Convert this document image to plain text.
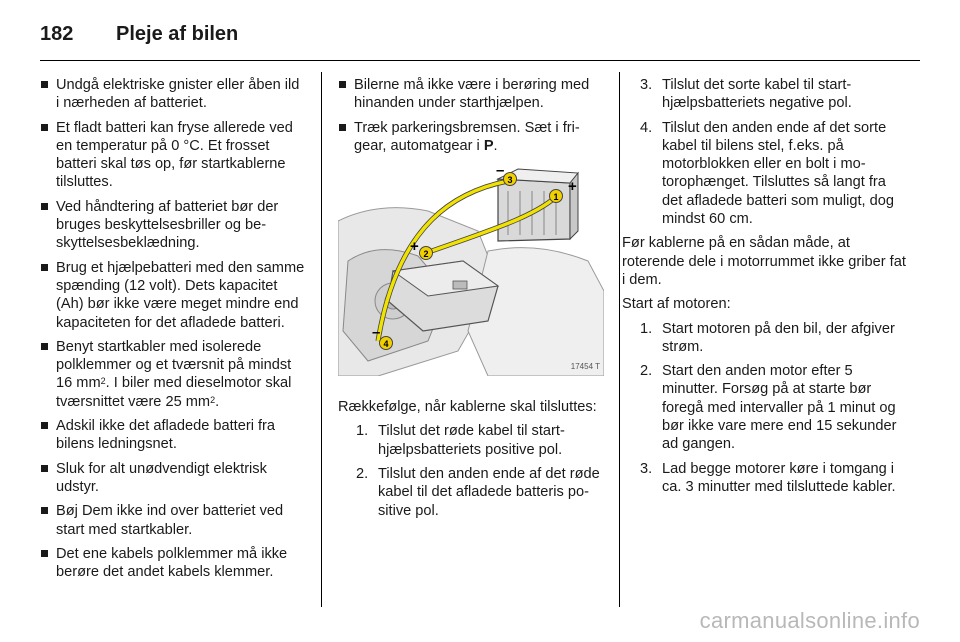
182	Pleje af bilen
Undgå elektriske gnister eller åben ild i nærheden af batteriet.
Et fladt batteri kan fryse allerede ved en temperatur på 0 °C. Et frosset batteri skal tøs op, før startkablerne tilsluttes.
Ved håndtering af batteriet bør der bruges beskyttelsesbriller og beskyttelsesbeklædning.
Brug et hjælpebatteri med den samme spænding (12 volt). Dets kapacitet (Ah) bør ikke være meget mindre end kapaciteten for det afladede batteri.
Benyt startkabler med isolerede polklemmer og et tværsnit på mindst 16 $mm^2$. I biler med dieselmotor skal tværsnittet være 25 $mm^2$.
Adskil ikke det afladede batteri fra bilens ledningsnet.
Sluk for alt unødvendigt elektrisk udstyr.
Bøj Dem ikke ind over batteriet ved start med startkabler.
Det ene kabels polklemmer må ikke berøre det andet kabels klemmer.
Bilerne må ikke være i berøring med hinanden under starthjælpen.
Træk parkeringsbremsen. Sæt i frigear, automatgear i P.
1
2
3
4
+
+
–
–
17454 T

Rækkefølge, når kablerne skal tilsluttes:

1. Tilslut det røde kabel til starthjælpsbatteriets positive pol.
2. Tilslut den anden ende af det røde kabel til det afladede batteris positive pol.
3. Tilslut det sorte kabel til starthjælpsbatteriets negative pol.
4. Tilslut den anden ende af det sorte kabel til bilens stel, f.eks. på motorblokken eller en bolt i motorophænget. Tilsluttes så langt fra det afladede batteri som muligt, dog mindst 60 cm.

Før kablerne på en sådan måde, at roterende dele i motorrummet ikke griber fat i dem.

Start af motoren:

1. Start motoren på den bil, der afgiver strøm.
2. Start den anden motor efter 5 minutter. Forsøg på at starte bør foregå med intervaller på 1 minut og bør ikke vare mere end 15 sekunder ad gangen.
3. Lad begge motorer køre i tomgang i ca. 3 minutter med tilsluttede kabler.
carmanualsonline.info
